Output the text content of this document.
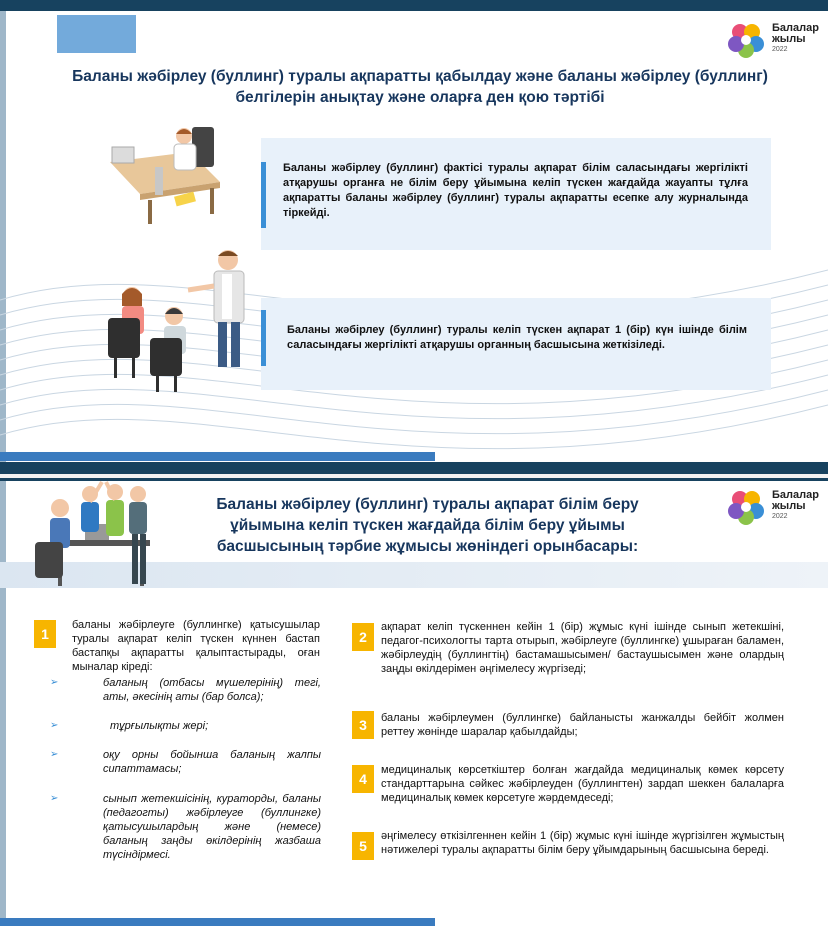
Балалар
жылы
2022
Баланы жәбірлеу (буллинг) туралы ақпаратты қабылдау және баланы жәбірлеу (буллинг) белгілерін анықтау және оларға ден қою тәртібі
Баланы жәбірлеу (буллинг) фактісі туралы ақпарат білім саласындағы жергілікті атқарушы органға не білім беру ұйымына келіп түскен жағдайда жауапты тұлға ақпаратты баланы жәбірлеу (буллинг) туралы ақпаратты есепке алу журналында тіркейді.
Баланы жәбірлеу (буллинг) туралы келіп түскен ақпарат 1 (бір) күн ішінде білім саласындағы жергілікті атқарушы органның басшысына жеткізіледі.
Балалар
жылы
2022
Баланы жәбірлеу (буллинг) туралы ақпарат білім беру ұйымына келіп түскен жағдайда білім беру ұйымы басшысының тәрбие жұмысы жөніндегі орынбасары:
1
баланы жәбірлеуге (буллингке) қатысушылар туралы ақпарат келіп түскен күннен бастап бастапқы ақпаратты қалыптастырады, оған мыналар кіреді:
➢	баланың (отбасы мүшелерінің) тегі, аты, әкесінің аты (бар болса);
➢	тұрғылықты жері;
➢	оқу орны бойынша баланың жалпы сипаттамасы;
➢	сынып жетекшісінің, кураторды, баланы (педагогты) жәбірлеуге (буллингке) қатысушылардың және (немесе) баланың заңды өкілдерінің жазбаша түсіндірмесі.
2
ақпарат келіп түскеннен кейін 1 (бір) жұмыс күні ішінде сынып жетекшіні, педагог-психологты тарта отырып, жәбірлеуге (буллингке) ұшыраған баламен, жәбірлеудің (буллингтің) бастамашысымен/ бастаушысымен және олардың заңды өкілдерімен әңгімелесу жүргізеді;
3	баланы жәбірлеумен (буллингке) байланысты жанжалды бейбіт жолмен реттеу жөнінде шаралар қабылдайды;
4
медициналық көрсеткіштер болған жағдайда медициналық көмек көрсету стандарттарына сәйкес жәбірлеуден (буллингтен) зардап шеккен балаларға медициналық көмек көрсетуге жәрдемдеседі;
5
әңгімелесу өткізілгеннен кейін 1 (бір) жұмыс күні ішінде жүргізілген жұмыстың нәтижелері туралы ақпаратты білім беру ұйымдарының басшысына береді.
